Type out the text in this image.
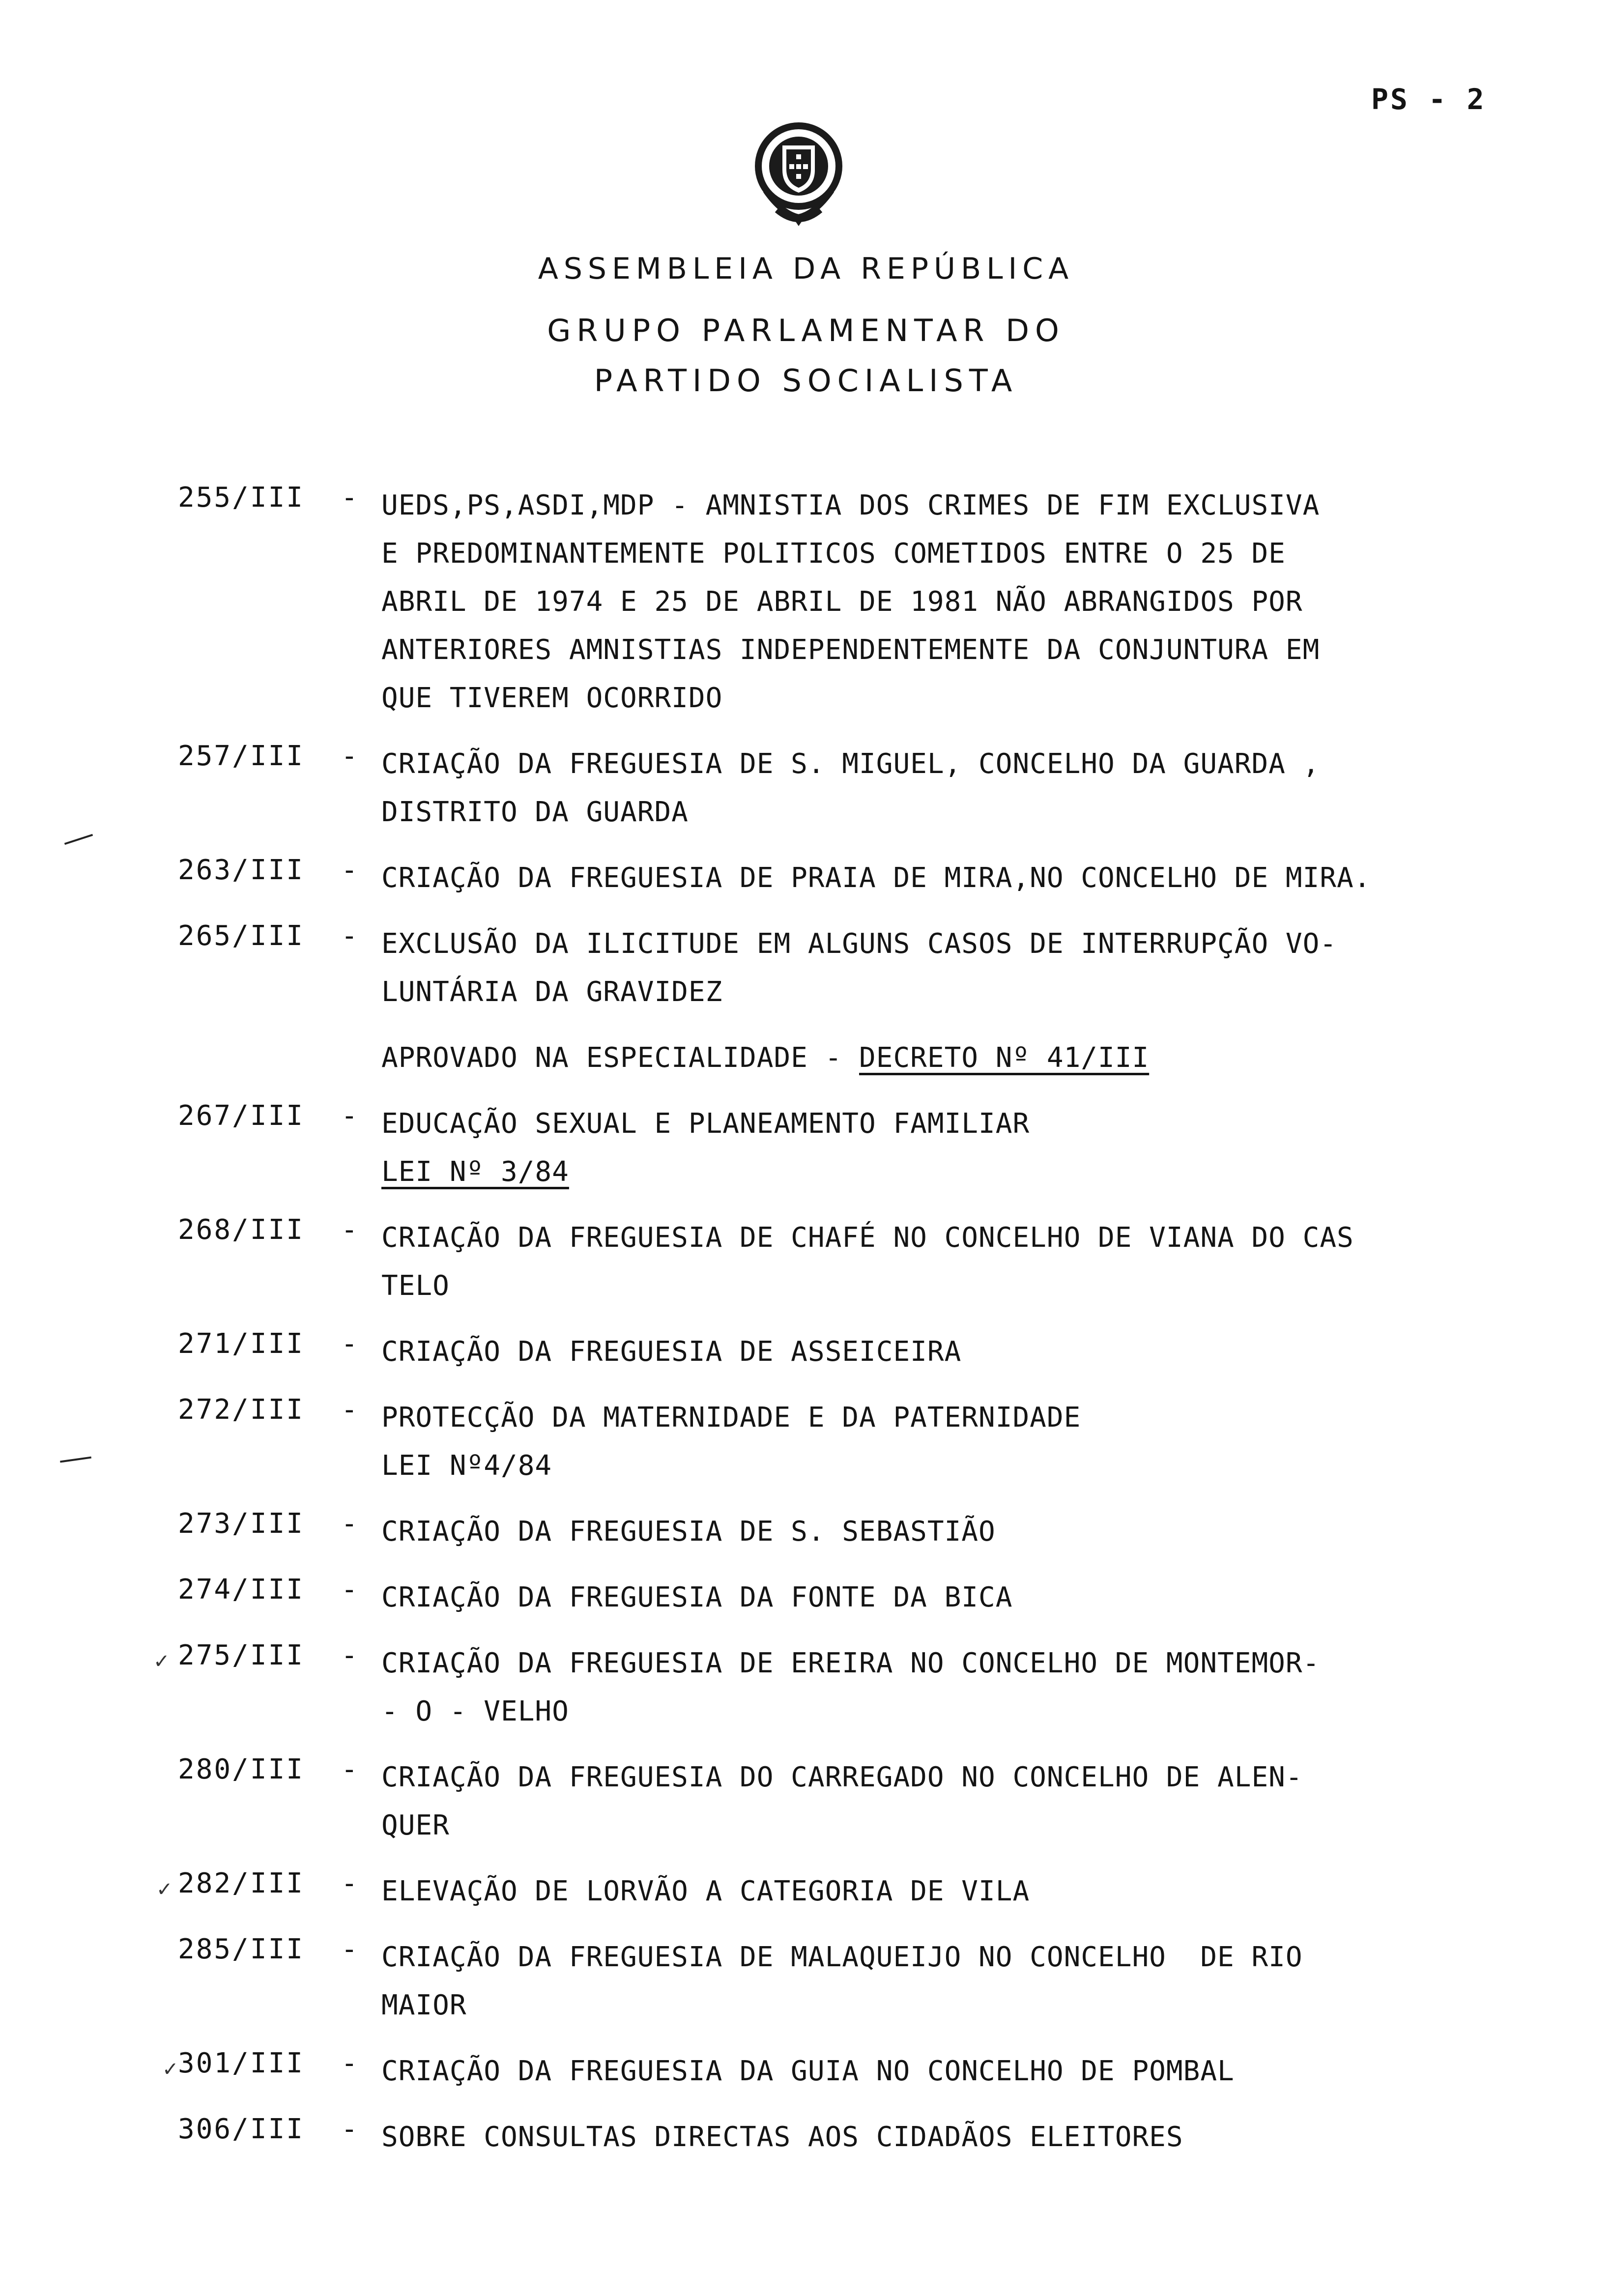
PS - 2
ASSEMBLEIA DA REPÚBLICA
GRUPO PARLAMENTAR DO
PARTIDO SOCIALISTA
255/III - UEDS,PS,ASDI,MDP - AMNISTIA DOS CRIMES DE FIM EXCLUSIVA
E PREDOMINANTEMENTE POLITICOS COMETIDOS ENTRE O 25 DE
ABRIL DE 1974 E 25 DE ABRIL DE 1981 NÃO ABRANGIDOS POR
ANTERIORES AMNISTIAS INDEPENDENTEMENTE DA CONJUNTURA EM
QUE TIVEREM OCORRIDO
257/III - CRIAÇÃO DA FREGUESIA DE S. MIGUEL, CONCELHO DA GUARDA ,
DISTRITO DA GUARDA
263/III - CRIAÇÃO DA FREGUESIA DE PRAIA DE MIRA,NO CONCELHO DE MIRA.
265/III - EXCLUSÃO DA ILICITUDE EM ALGUNS CASOS DE INTERRUPÇÃO VO-
LUNTÁRIA DA GRAVIDEZ
APROVADO NA ESPECIALIDADE - DECRETO Nº 41/III
267/III - EDUCAÇÃO SEXUAL E PLANEAMENTO FAMILIAR
LEI Nº 3/84
268/III - CRIAÇÃO DA FREGUESIA DE CHAFÉ NO CONCELHO DE VIANA DO CAS
TELO
271/III - CRIAÇÃO DA FREGUESIA DE ASSEICEIRA
272/III - PROTECÇÃO DA MATERNIDADE E DA PATERNIDADE
LEI Nº4/84
273/III - CRIAÇÃO DA FREGUESIA DE S. SEBASTIÃO
274/III - CRIAÇÃO DA FREGUESIA DA FONTE DA BICA
✓ 275/III - CRIAÇÃO DA FREGUESIA DE EREIRA NO CONCELHO DE MONTEMOR-
- O - VELHO
280/III - CRIAÇÃO DA FREGUESIA DO CARREGADO NO CONCELHO DE ALEN-
QUER
✓ 282/III - ELEVAÇÃO DE LORVÃO A CATEGORIA DE VILA
285/III - CRIAÇÃO DA FREGUESIA DE MALAQUEIJO NO CONCELHO  DE RIO
MAIOR
✓
301/III - CRIAÇÃO DA FREGUESIA DA GUIA NO CONCELHO DE POMBAL
306/III - SOBRE CONSULTAS DIRECTAS AOS CIDADÃOS ELEITORES
